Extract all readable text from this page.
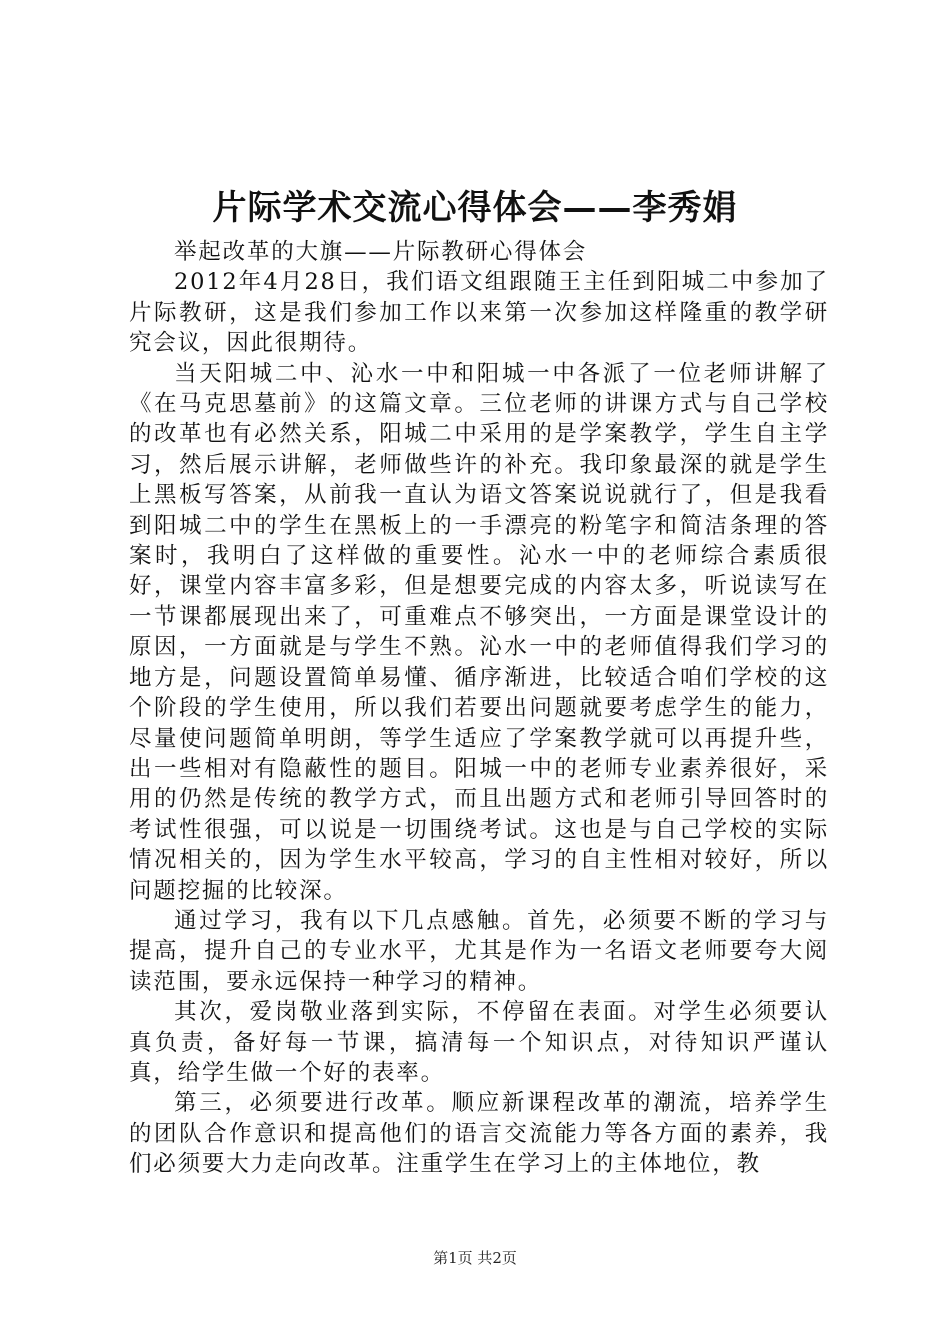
片际学术交流心得体会——李秀娟

举起改革的大旗——片际教研心得体会

2012年4月28日，我们语文组跟随王主任到阳城二中参加了片际教研，这是我们参加工作以来第一次参加这样隆重的教学研究会议，因此很期待。

当天阳城二中、沁水一中和阳城一中各派了一位老师讲解了《在马克思墓前》的这篇文章。三位老师的讲课方式与自己学校的改革也有必然关系，阳城二中采用的是学案教学，学生自主学习，然后展示讲解，老师做些许的补充。我印象最深的就是学生上黑板写答案，从前我一直认为语文答案说说就行了，但是我看到阳城二中的学生在黑板上的一手漂亮的粉笔字和简洁条理的答案时，我明白了这样做的重要性。沁水一中的老师综合素质很好，课堂内容丰富多彩，但是想要完成的内容太多，听说读写在一节课都展现出来了，可重难点不够突出，一方面是课堂设计的原因，一方面就是与学生不熟。沁水一中的老师值得我们学习的地方是，问题设置简单易懂、循序渐进，比较适合咱们学校的这个阶段的学生使用，所以我们若要出问题就要考虑学生的能力，尽量使问题简单明朗，等学生适应了学案教学就可以再提升些，出一些相对有隐蔽性的题目。阳城一中的老师专业素养很好，采用的仍然是传统的教学方式，而且出题方式和老师引导回答时的考试性很强，可以说是一切围绕考试。这也是与自己学校的实际情况相关的，因为学生水平较高，学习的自主性相对较好，所以问题挖掘的比较深。

通过学习，我有以下几点感触。首先，必须要不断的学习与提高，提升自己的专业水平，尤其是作为一名语文老师要夸大阅读范围，要永远保持一种学习的精神。

其次，爱岗敬业落到实际，不停留在表面。对学生必须要认真负责，备好每一节课，搞清每一个知识点，对待知识严谨认真，给学生做一个好的表率。

第三，必须要进行改革。顺应新课程改革的潮流，培养学生的团队合作意识和提高他们的语言交流能力等各方面的素养，我们必须要大力走向改革。注重学生在学习上的主体地位，教

第1页 共2页
